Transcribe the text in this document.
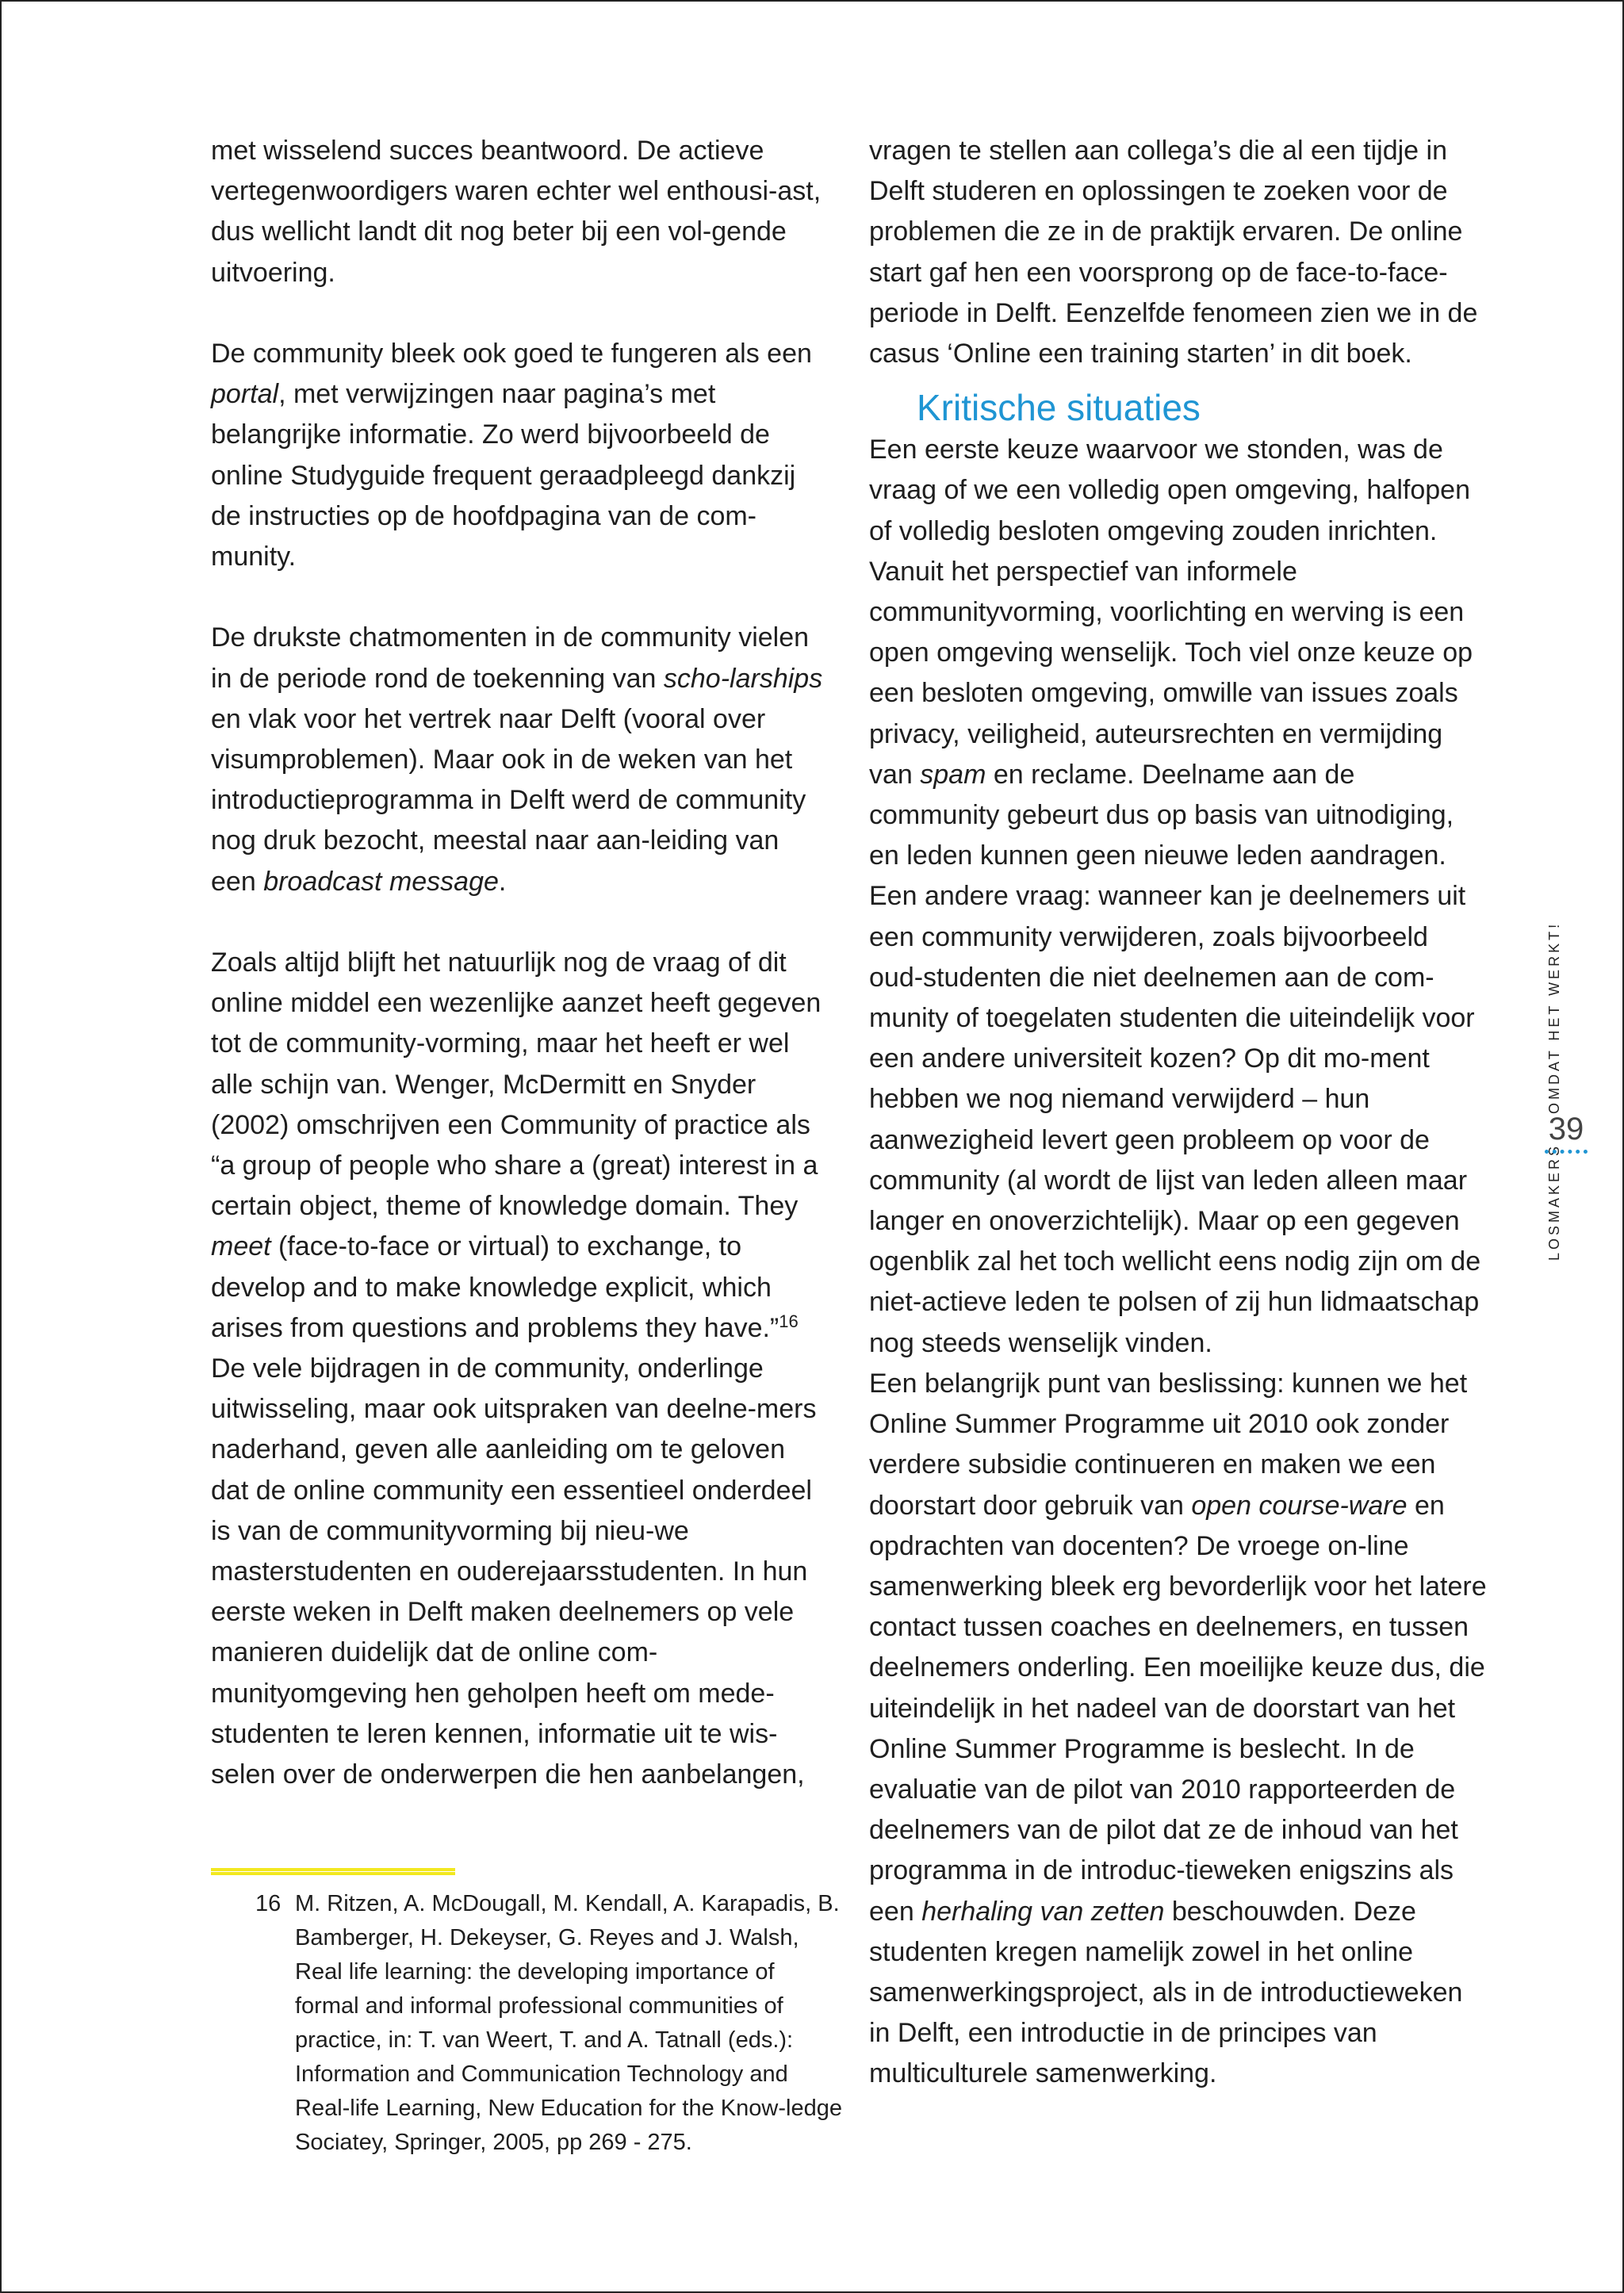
met wisselend succes beantwoord. De actieve vertegenwoordigers waren echter wel enthousi-ast, dus wellicht landt dit nog beter bij een vol-gende uitvoering.

De community bleek ook goed te fungeren als een portal, met verwijzingen naar pagina’s met belangrijke informatie. Zo werd bijvoorbeeld de online Studyguide frequent geraadpleegd dankzij de instructies op de hoofdpagina van de com-munity.

De drukste chatmomenten in de community vielen in de periode rond de toekenning van scho-larships en vlak voor het vertrek naar Delft (vooral over visumproblemen). Maar ook in de weken van het introductieprogramma in Delft werd de community nog druk bezocht, meestal naar aan-leiding van een broadcast message.

Zoals altijd blijft het natuurlijk nog de vraag of dit online middel een wezenlijke aanzet heeft gegeven tot de community-vorming, maar het heeft er wel alle schijn van. Wenger, McDermitt en Snyder (2002) omschrijven een Community of practice als “a group of people who share a (great) interest in a certain object, theme of knowledge domain. They meet (face-to-face or virtual) to exchange, to develop and to make knowledge explicit, which arises from questions and problems they have.”$^{16}$

De vele bijdragen in de community, onderlinge uitwisseling, maar ook uitspraken van deelne-mers naderhand, geven alle aanleiding om te geloven dat de online community een essentieel onderdeel is van de communityvorming bij nieu-we masterstudenten en ouderejaarsstudenten. In hun eerste weken in Delft maken deelnemers op vele manieren duidelijk dat de online com-munityomgeving hen geholpen heeft om mede-studenten te leren kennen, informatie uit te wis-selen over de onderwerpen die hen aanbelangen,

vragen te stellen aan collega’s die al een tijdje in Delft studeren en oplossingen te zoeken voor de problemen die ze in de praktijk ervaren. De online start gaf hen een voorsprong op de face-to-face-periode in Delft. Eenzelfde fenomeen zien we in de casus ‘Online een training starten’ in dit boek.

Kritische situaties

Een eerste keuze waarvoor we stonden, was de vraag of we een volledig open omgeving, halfopen of volledig besloten omgeving zouden inrichten. Vanuit het perspectief van informele communityvorming, voorlichting en werving is een open omgeving wenselijk. Toch viel onze keuze op een besloten omgeving, omwille van issues zoals privacy, veiligheid, auteursrechten en vermijding van spam en reclame. Deelname aan de community gebeurt dus op basis van uitnodiging, en leden kunnen geen nieuwe leden aandragen.

Een andere vraag: wanneer kan je deelnemers uit een community verwijderen, zoals bijvoorbeeld oud-studenten die niet deelnemen aan de com-munity of toegelaten studenten die uiteindelijk voor een andere universiteit kozen? Op dit mo-ment hebben we nog niemand verwijderd – hun aanwezigheid levert geen probleem op voor de community (al wordt de lijst van leden alleen maar langer en onoverzichtelijk). Maar op een gegeven ogenblik zal het toch wellicht eens nodig zijn om de niet-actieve leden te polsen of zij hun lidmaatschap nog steeds wenselijk vinden.

Een belangrijk punt van beslissing: kunnen we het Online Summer Programme uit 2010 ook zonder verdere subsidie continueren en maken we een doorstart door gebruik van open course-ware en opdrachten van docenten? De vroege on-line samenwerking bleek erg bevorderlijk voor het latere contact tussen coaches en deelnemers, en tussen deelnemers onderling. Een moeilijke keuze dus, die uiteindelijk in het nadeel van de doorstart van het Online Summer Programme is beslecht. In de evaluatie van de pilot van 2010 rapporteerden de deelnemers van de pilot dat ze de inhoud van het programma in de introduc-tieweken enigszins als een herhaling van zetten beschouwden. Deze studenten kregen namelijk zowel in het online samenwerkingsproject, als in de introductieweken in Delft, een introductie in de principes van multiculturele samenwerking.

16 M. Ritzen, A. McDougall, M. Kendall, A. Karapadis, B. Bamberger, H. Dekeyser, G. Reyes and J. Walsh, Real life learning: the developing importance of formal and informal professional communities of practice, in: T. van Weert, T. and A. Tatnall (eds.): Information and Communication Technology and Real-life Learning, New Education for the Know-ledge Sociatey, Springer, 2005, pp 269 - 275.
LOSMAKERS OMDAT HET WERKT!
39
